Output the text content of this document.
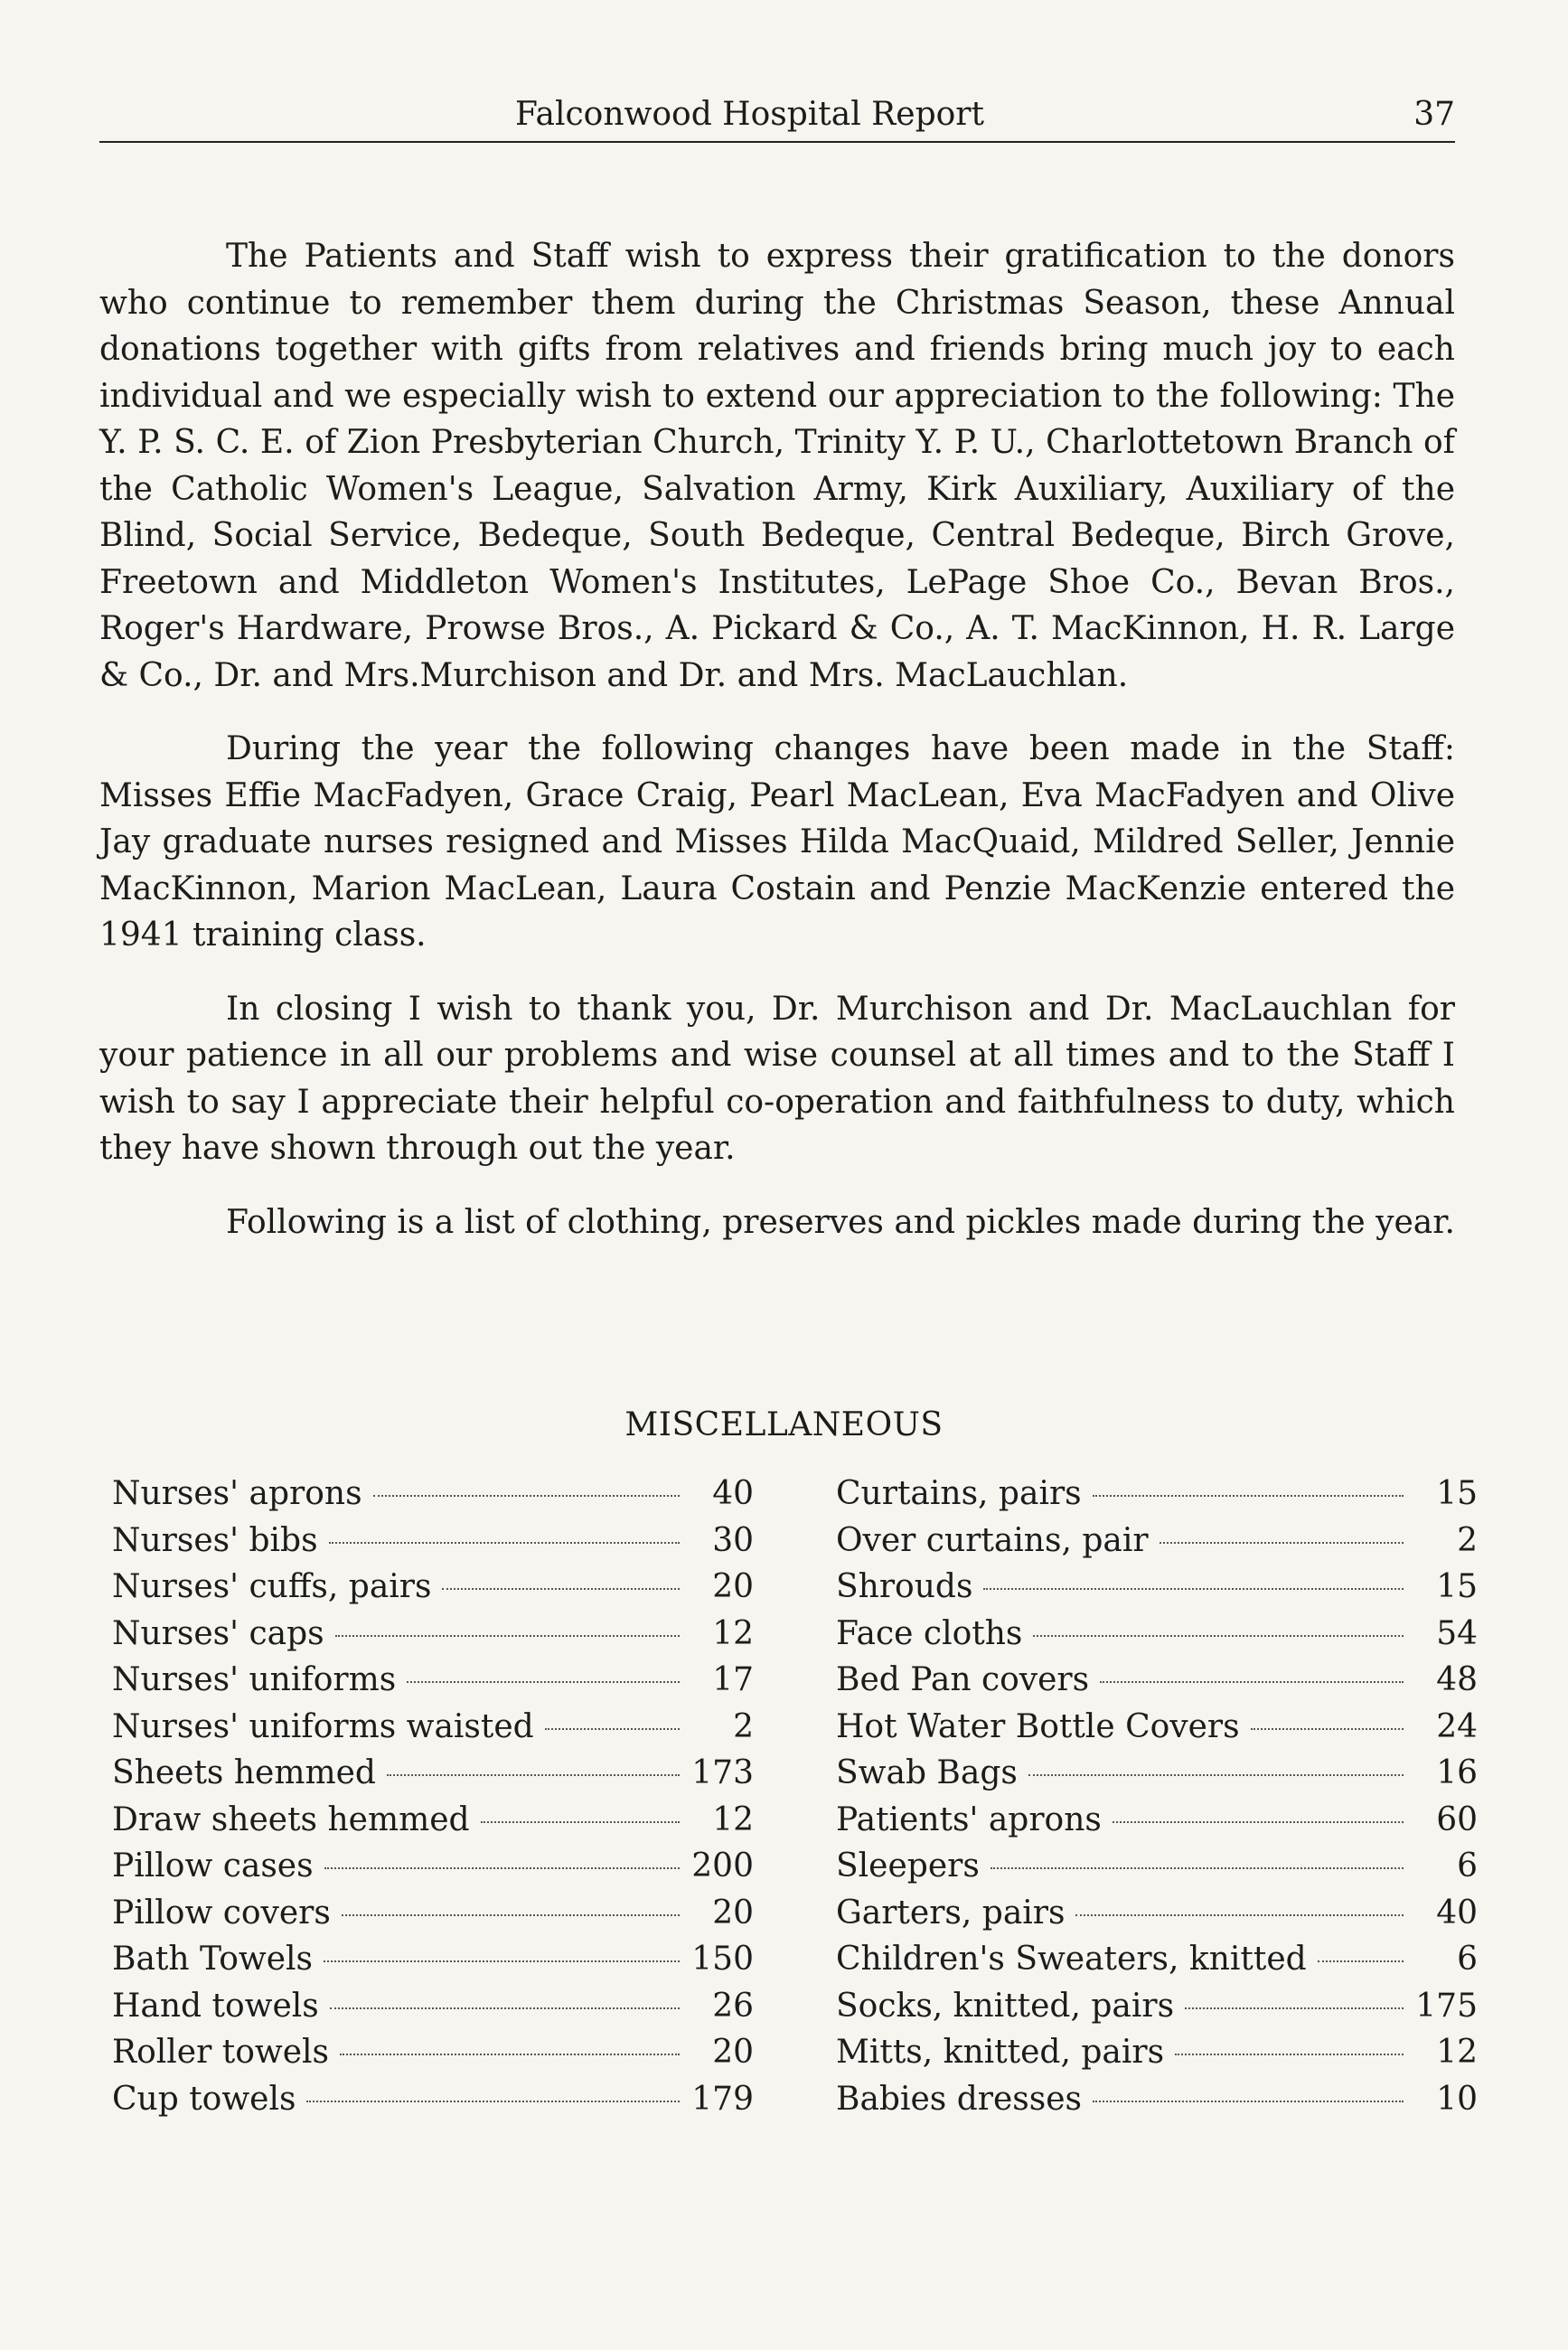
Falconwood Hospital Report	37

The Patients and Staff wish to express their gratification to the donors who continue to remember them during the Christmas Season, these Annual donations together with gifts from relatives and friends bring much joy to each individual and we especially wish to extend our appreciation to the following: The Y. P. S. C. E. of Zion Presbyterian Church, Trinity Y. P. U., Charlottetown Branch of the Catholic Women's League, Salvation Army, Kirk Auxiliary, Auxiliary of the Blind, Social Service, Bedeque, South Bedeque, Central Bedeque, Birch Grove, Freetown and Middleton Women's Institutes, LePage Shoe Co., Bevan Bros., Roger's Hardware, Prowse Bros., A. Pickard & Co., A. T. MacKinnon, H. R. Large & Co., Dr. and Mrs.Murchison and Dr. and Mrs. MacLauchlan.

During the year the following changes have been made in the Staff: Misses Effie MacFadyen, Grace Craig, Pearl MacLean, Eva MacFadyen and Olive Jay graduate nurses resigned and Misses Hilda MacQuaid, Mildred Seller, Jennie MacKinnon, Marion MacLean, Laura Costain and Penzie MacKenzie entered the 1941 training class.

In closing I wish to thank you, Dr. Murchison and Dr. MacLauchlan for your patience in all our problems and wise counsel at all times and to the Staff I wish to say I appreciate their helpful co-operation and faithfulness to duty, which they have shown through out the year.

Following is a list of clothing, preserves and pickles made during the year.

MISCELLANEOUS
Nurses' aprons	40
Nurses' bibs	30
Nurses' cuffs, pairs	20
Nurses' caps	12
Nurses' uniforms	17
Nurses' uniforms waisted	2
Sheets hemmed	173
Draw sheets hemmed	12
Pillow cases	200
Pillow covers	20
Bath Towels	150
Hand towels	26
Roller towels	20
Cup towels	179
Curtains, pairs	15
Over curtains, pair	2
Shrouds	15
Face cloths	54
Bed Pan covers	48
Hot Water Bottle Covers	24
Swab Bags	16
Patients' aprons	60
Sleepers	6
Garters, pairs	40
Children's Sweaters, knitted	6
Socks, knitted, pairs	175
Mitts, knitted, pairs	12
Babies dresses	10
